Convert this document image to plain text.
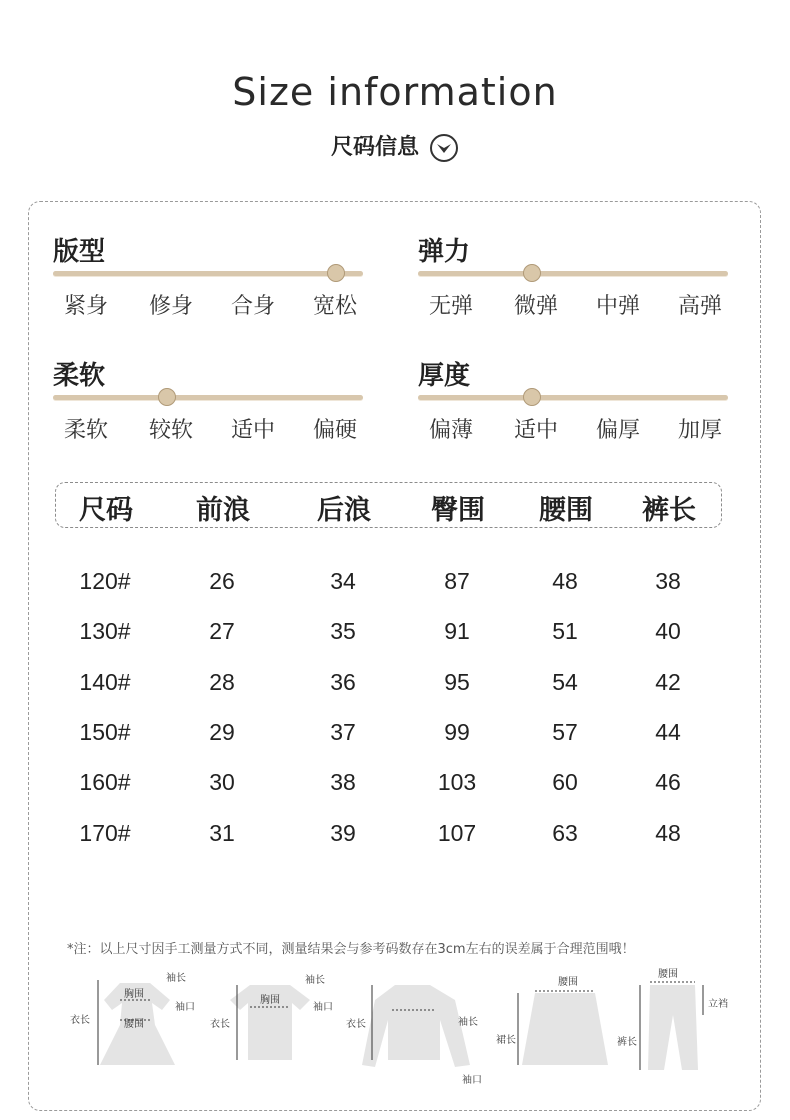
Size information
尺码信息
版型
紧身	修身	合身	宽松
弹力
无弹	微弹	中弹	高弹
柔软
柔软	较软	适中	偏硬
厚度
偏薄	适中	偏厚	加厚
尺码	前浪	后浪	臀围	腰围	裤长
120#	26	34	87	48	38
130#	27	35	91	51	40
140#	28	36	95	54	42
150#	29	37	99	57	44
160#	30	38	103	60	46
170#	31	39	107	63	48
*注：以上尺寸因手工测量方式不同，测量结果会与参考码数存在3cm左右的误差属于合理范围哦！
袖长
胸围
袖口
衣长	腰围
袖长
胸围
袖口
衣长	衣长	袖长
袖口
腰围
裙长
腰围
立裆
裤长
